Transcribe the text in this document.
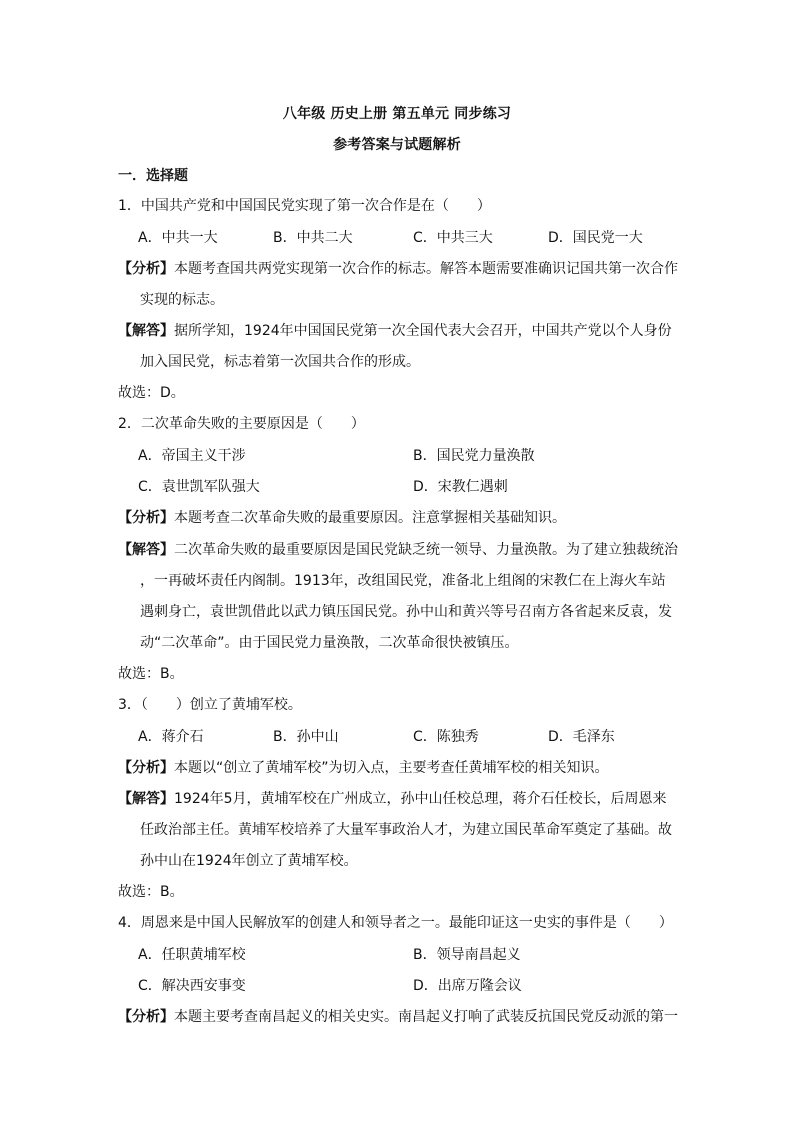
八年级 历史上册 第五单元 同步练习
参考答案与试题解析
一．选择题
1．中国共产党和中国国民党实现了第一次合作是在（　　）
A．中共一大	B．中共二大	C．中共三大	D．国民党一大
【分析】本题考查国共两党实现第一次合作的标志。解答本题需要准确识记国共第一次合作
实现的标志。
【解答】据所学知，1924年中国国民党第一次全国代表大会召开，中国共产党以个人身份
加入国民党，标志着第一次国共合作的形成。
故选：D。
2．二次革命失败的主要原因是（　　）
A．帝国主义干涉	B．国民党力量涣散
C．袁世凯军队强大	D．宋教仁遇刺
【分析】本题考查二次革命失败的最重要原因。注意掌握相关基础知识。
【解答】二次革命失败的最重要原因是国民党缺乏统一领导、力量涣散。为了建立独裁统治
，一再破坏责任内阁制。1913年，改组国民党，准备北上组阁的宋教仁在上海火车站
遇刺身亡，袁世凯借此以武力镇压国民党。孙中山和黄兴等号召南方各省起来反袁，发
动“二次革命”。由于国民党力量涣散，二次革命很快被镇压。
故选：B。
3．（　　）创立了黄埔军校。
A．蒋介石	B．孙中山	C．陈独秀	D．毛泽东
【分析】本题以“创立了黄埔军校”为切入点，主要考查任黄埔军校的相关知识。
【解答】1924年5月，黄埔军校在广州成立，孙中山任校总理，蒋介石任校长，后周恩来
任政治部主任。黄埔军校培养了大量军事政治人才，为建立国民革命军奠定了基础。故
孙中山在1924年创立了黄埔军校。
故选：B。
4．周恩来是中国人民解放军的创建人和领导者之一。最能印证这一史实的事件是（　　）
A．任职黄埔军校	B．领导南昌起义
C．解决西安事变	D．出席万隆会议
【分析】本题主要考查南昌起义的相关史实。南昌起义打响了武装反抗国民党反动派的第一
